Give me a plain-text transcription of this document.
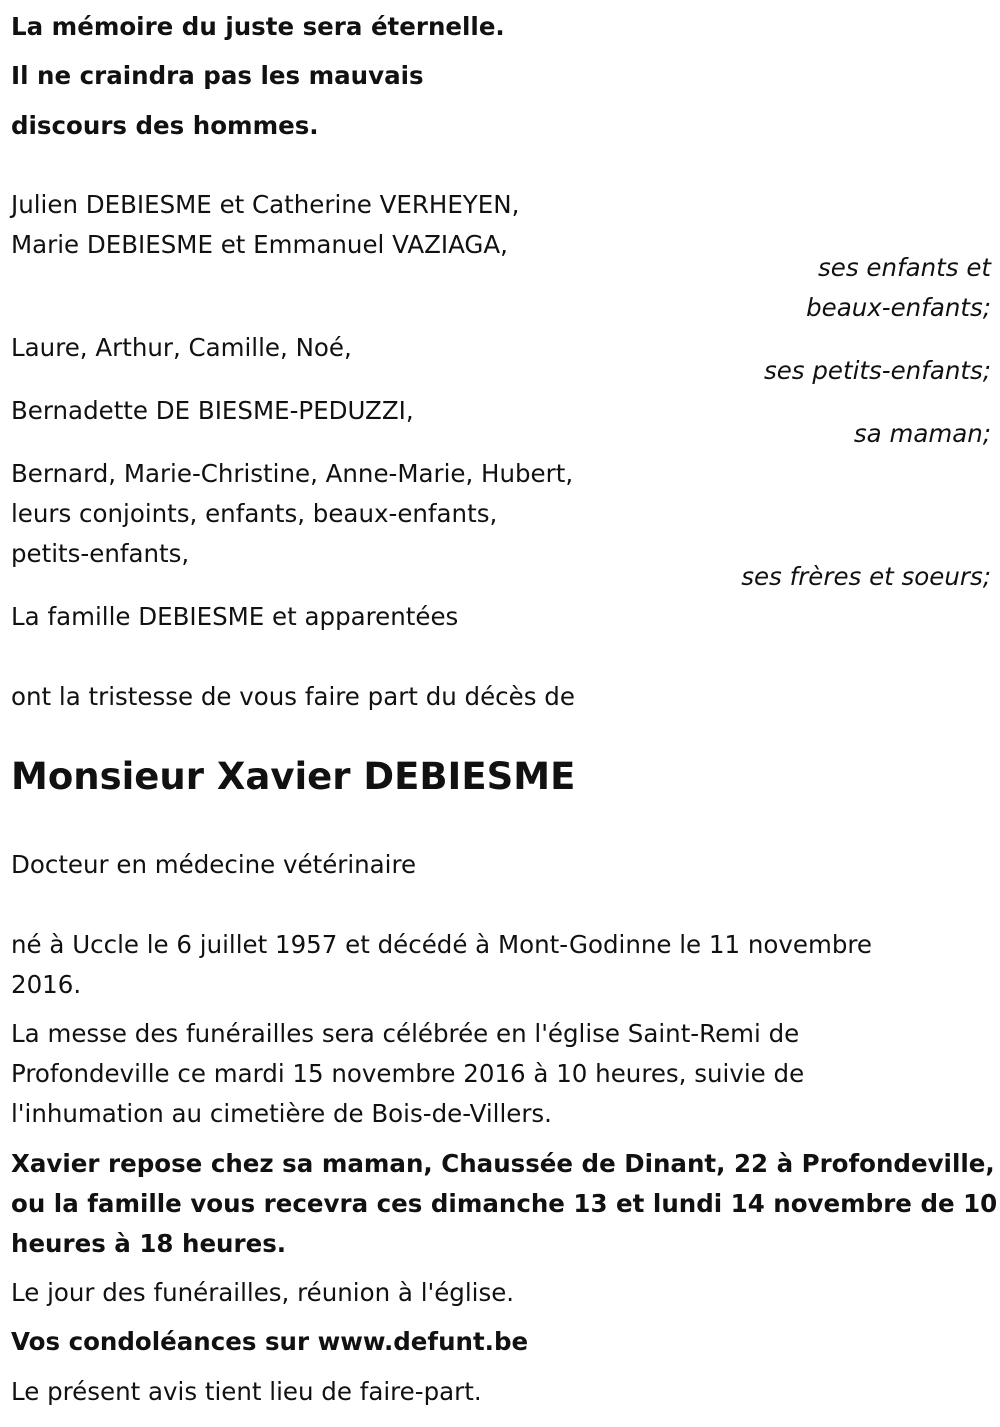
La mémoire du juste sera éternelle.
Il ne craindra pas les mauvais
discours des hommes.
Julien DEBIESME et Catherine VERHEYEN,
Marie DEBIESME et Emmanuel VAZIAGA,
ses enfants et
beaux-enfants;
Laure, Arthur, Camille, Noé,
ses petits-enfants;
Bernadette DE BIESME-PEDUZZI,
sa maman;
Bernard, Marie-Christine, Anne-Marie, Hubert,
leurs conjoints, enfants, beaux-enfants,
petits-enfants,
ses frères et soeurs;
La famille DEBIESME et apparentées
ont la tristesse de vous faire part du décès de
Monsieur Xavier DEBIESME
Docteur en médecine vétérinaire
né à Uccle le 6 juillet 1957 et décédé à Mont-Godinne le 11 novembre
2016.
La messe des funérailles sera célébrée en l'église Saint-Remi de
Profondeville ce mardi 15 novembre 2016 à 10 heures, suivie de
l'inhumation au cimetière de Bois-de-Villers.
Xavier repose chez sa maman, Chaussée de Dinant, 22 à Profondeville,
ou la famille vous recevra ces dimanche 13 et lundi 14 novembre de 10
heures à 18 heures.
Le jour des funérailles, réunion à l'église.
Vos condoléances sur www.defunt.be
Le présent avis tient lieu de faire-part.
